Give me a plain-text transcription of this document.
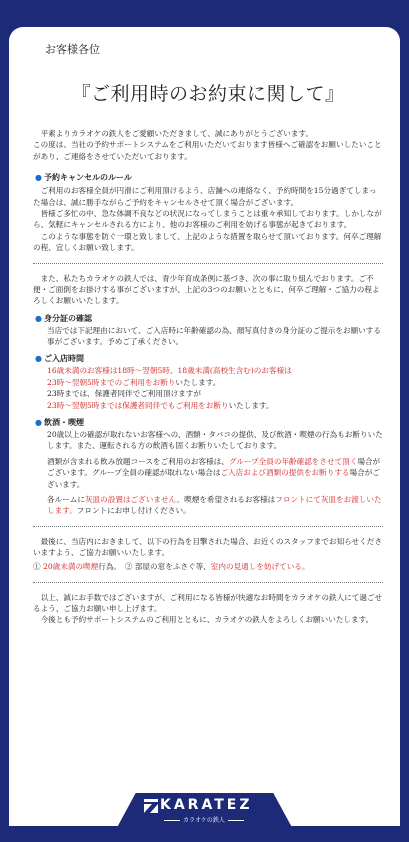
お客様各位

『ご利用時のお約束に関して』

平素よりカラオケの鉄人をご愛顧いただきまして、誠にありがとうございます。

この度は、当社の予約サポートシステムをご利用いただいております皆様へご確認をお願いしたいことがあり、ご連絡をさせていただいております。

● 予約キャンセルのルール

ご利用のお客様全員が円滑にご利用頂けるよう、店舗への連絡なく、予約時間を15分過ぎてしまった場合は、誠に勝手ながらご予約をキャンセルさせて頂く場合がございます。

皆様ご多忙の中、急な体調不良などの状況になってしまうことは重々承知しております。しかしながら、気軽にキャンセルされる方により、他のお客様のご利用を妨げる事態が起きております。

このような事態を防ぐ一環と致しまして、上記のような措置を取らせて頂いております。何卒ご理解の程、宜しくお願い致します。

また、私たちカラオケの鉄人では、青少年育成条例に基づき、次の事に取り組んでおります。ご不便・ご面倒をお掛けする事がございますが、上記の3つのお願いとともに、何卒ご理解・ご協力の程よろしくお願いいたします。

● 身分証の確認

当店では下記理由において、ご入店時に年齢確認の為、顔写真付きの身分証のご提示をお願いする事がございます。予めご了承ください。

● ご入店時間

16歳未満のお客様は18時～翌朝5時、18歳未満(高校生含む)のお客様は

23時～翌朝5時までのご利用をお断りいたします。

23時までは、保護者同伴でご利用頂けますが

23時～翌朝5時までは保護者同伴でもご利用をお断りいたします。

● 飲酒・喫煙

20歳以上の確認が取れないお客様への、酒類・タバコの提供、及び飲酒・喫煙の行為もお断りいたします。また、運転される方の飲酒も固くお断りいたしております。

酒類が含まれる飲み放題コースをご利用のお客様は、グループ全員の年齢確認をさせて頂く場合がございます。グループ全員の確認が取れない場合はご入店および酒類の提供をお断りする場合がございます。

各ルームに灰皿の設置はございません。喫煙を希望されるお客様はフロントにて灰皿をお渡しいたします。フロントにお申し付けください。

最後に、当店内におきまして、以下の行為を目撃された場合、お近くのスタッフまでお知らせくださいますよう、ご協力お願いいたします。

① 20歳未満の喫煙行為。　 ② 部屋の窓をふさぐ等、室内の見通しを妨げている。

以上、誠にお手数ではございますが、ご利用になる皆様が快適なお時間をカラオケの鉄人にて過ごせるよう、ご協力お願い申し上げます。

今後とも予約サポートシステムのご利用とともに、カラオケの鉄人をよろしくお願いいたします。

KARATEZ
カラオケの鉄人
